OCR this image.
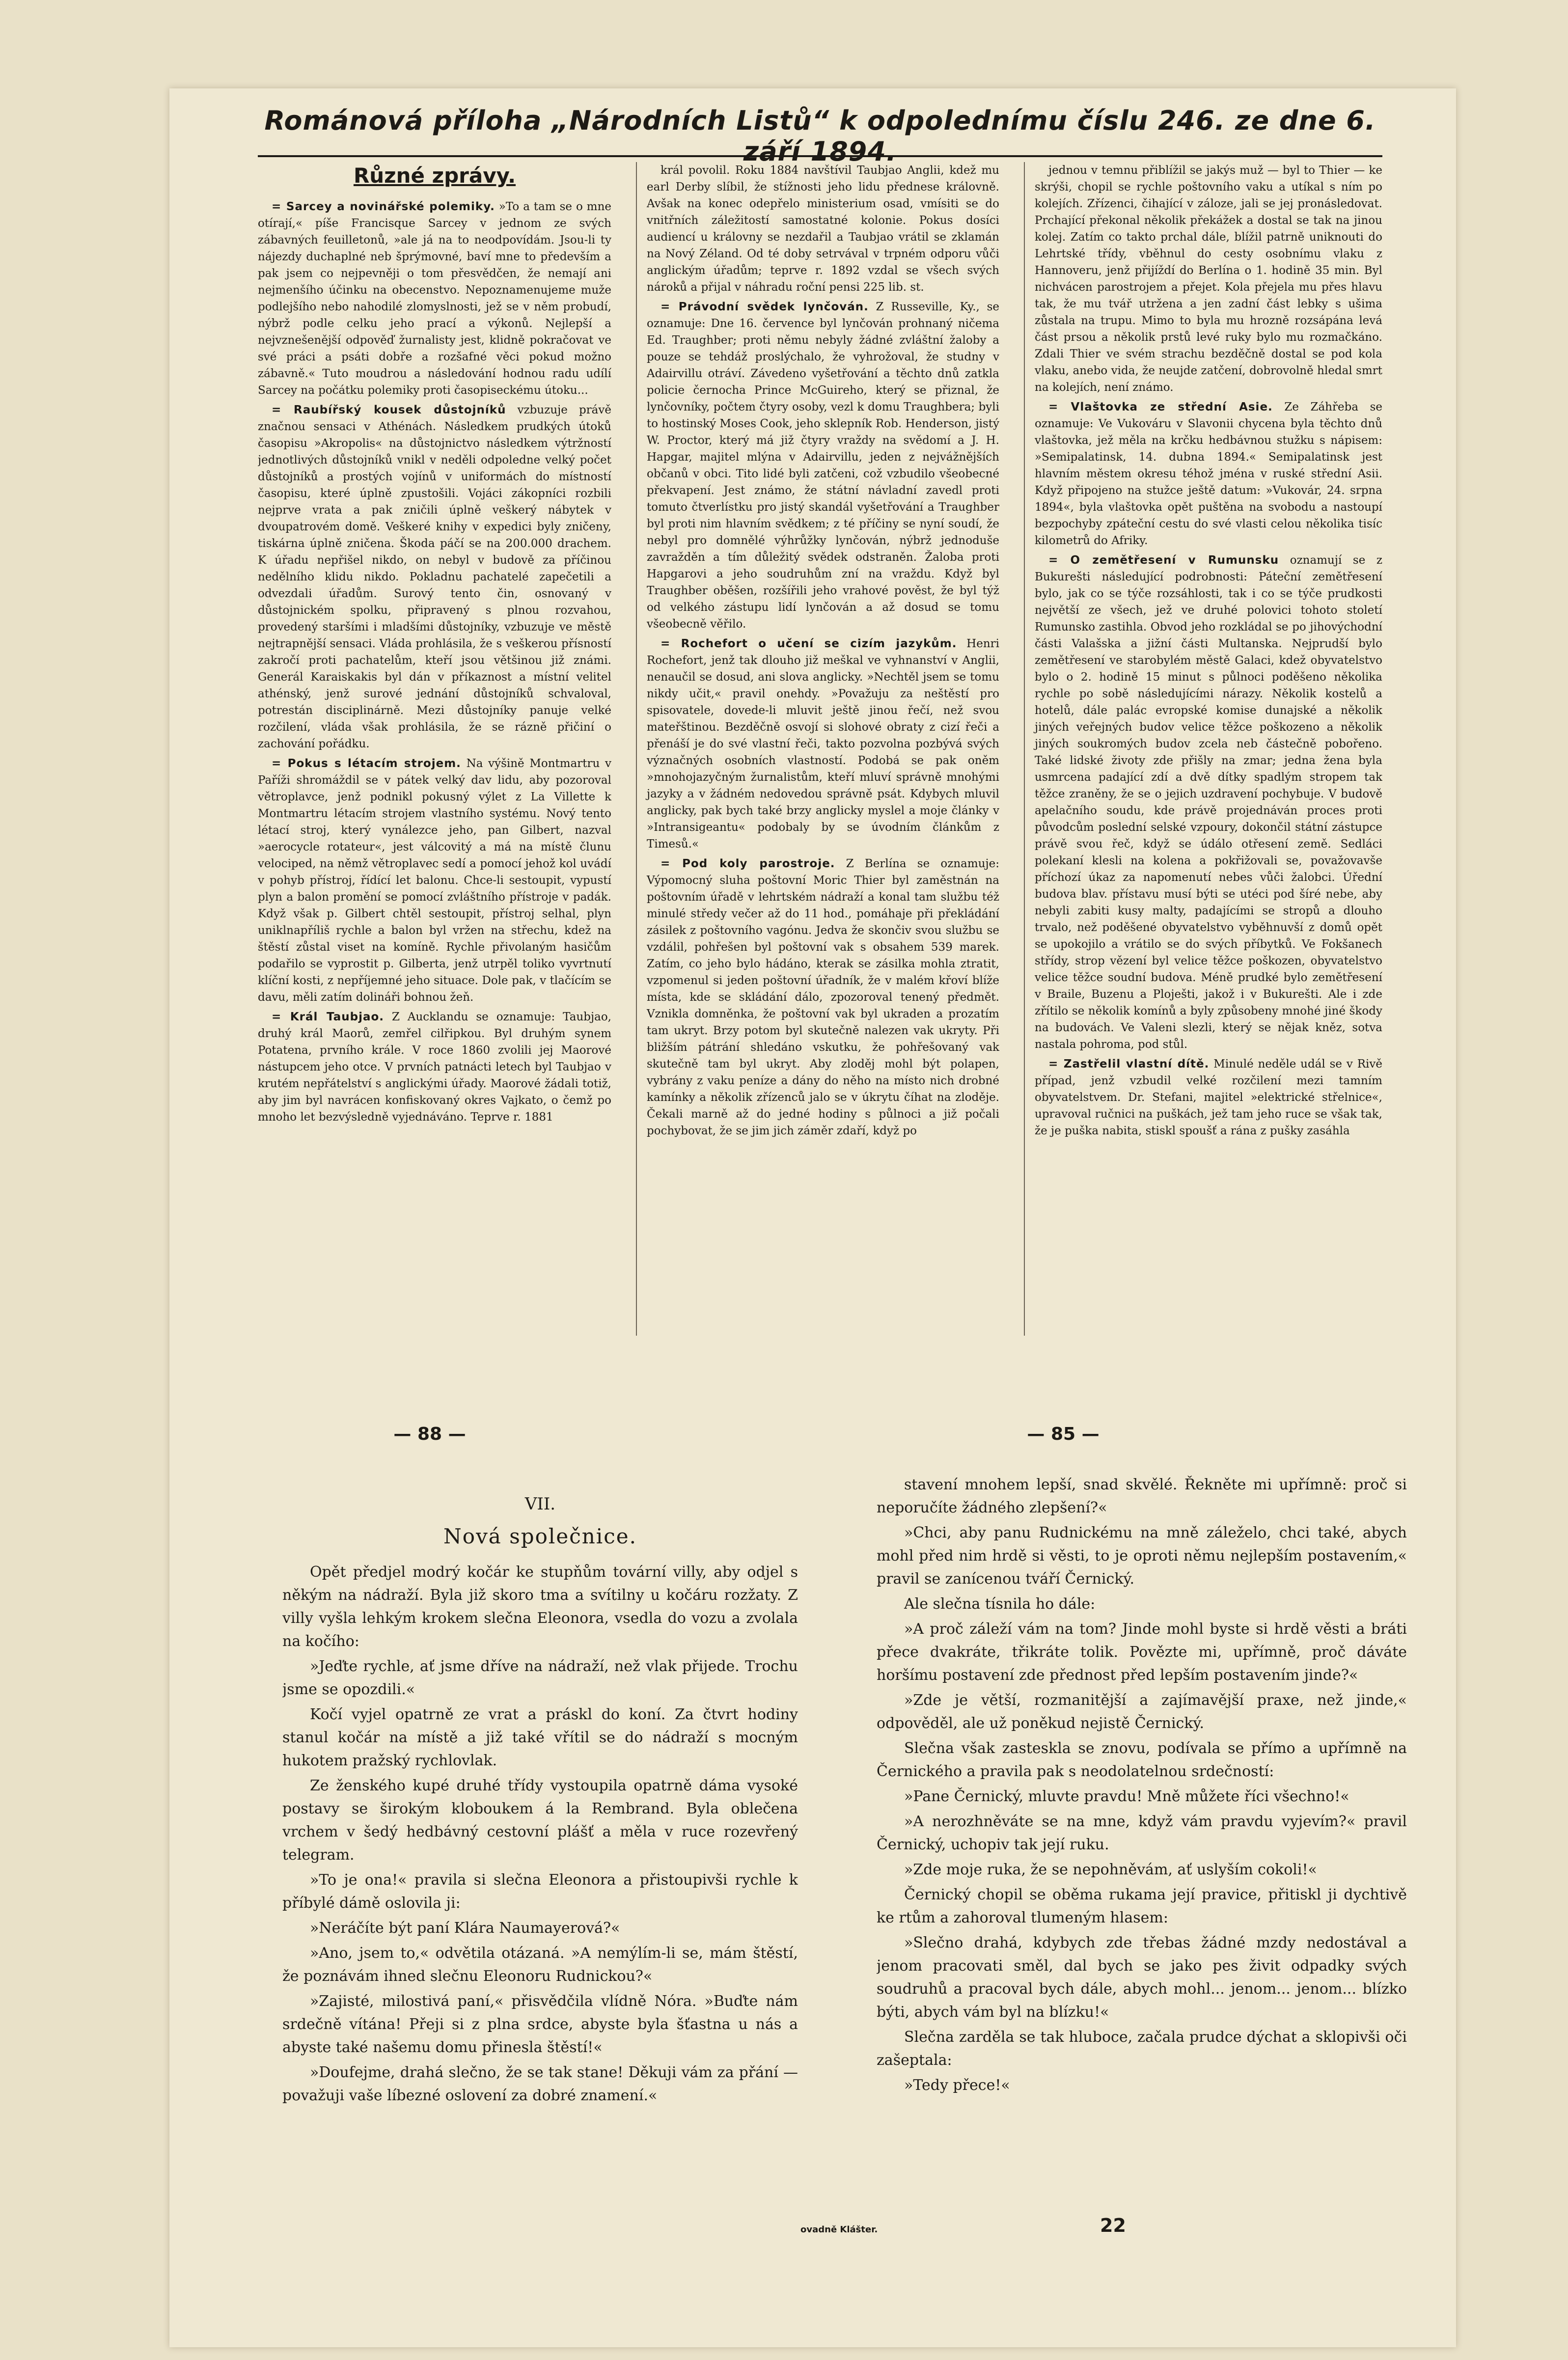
Románová příloha „Národních Listů“ k odpolednímu číslu 246. ze dne 6. září 1894.
Různé zprávy.

= Sarcey a novinářské polemiky. »To a tam se o mne otírají,« píše Francisque Sarcey v jednom ze svých zábavných feuilletonů, »ale já na to neodpovídám. Jsou-li ty nájezdy duchaplné neb šprýmovné, baví mne to především a pak jsem co nejpevněji o tom přesvědčen, že nemají ani nejmenšího účinku na obecenstvo. Nepoznamenujeme muže podlejšího nebo nahodilé zlomyslnosti, jež se v něm probudí, nýbrž podle celku jeho prací a výkonů. Nejlepší a nejvznešenější odpověď žurnalisty jest, klidně pokračovat ve své práci a psáti dobře a rozšafné věci pokud možno zábavně.« Tuto moudrou a následování hodnou radu udílí Sarcey na počátku polemiky proti časopiseckému útoku...

= Raubířský kousek důstojníků vzbuzuje právě značnou sensaci v Athénách. Následkem prudkých útoků časopisu »Akropolis« na důstojnictvo následkem výtržností jednotlivých důstojníků vnikl v neděli odpoledne velký počet důstojníků a prostých vojínů v uniformách do místností časopisu, které úplně zpustošili. Vojáci zákopníci rozbili nejprve vrata a pak zničili úplně veškerý nábytek v dvoupatrovém domě. Veškeré knihy v expedici byly zničeny, tiskárna úplně zničena. Škoda páčí se na 200.000 drachem. K úřadu nepřišel nikdo, on nebyl v budově za příčinou nedělního klidu nikdo. Pokladnu pachatelé zapečetili a odvezdali úřadům. Surový tento čin, osnovaný v důstojnickém spolku, připravený s plnou rozvahou, provedený staršími i mladšími důstojníky, vzbuzuje ve městě nejtrapnější sensaci. Vláda prohlásila, že s veškerou přísností zakročí proti pachatelům, kteří jsou většinou již známi. Generál Karaiskakis byl dán v příkaznost a místní velitel athénský, jenž surové jednání důstojníků schvaloval, potrestán disciplinárně. Mezi důstojníky panuje velké rozčilení, vláda však prohlásila, že se rázně přičiní o zachování pořádku.

= Pokus s létacím strojem. Na výšině Montmartru v Paříži shromáždil se v pátek velký dav lidu, aby pozoroval větroplavce, jenž podnikl pokusný výlet z La Villette k Montmartru létacím strojem vlastního systému. Nový tento létací stroj, který vynálezce jeho, pan Gilbert, nazval »aerocycle rotateur«, jest válcovitý a má na místě člunu velociped, na němž větroplavec sedí a pomocí jehož kol uvádí v pohyb přístroj, řídící let balonu. Chce-li sestoupit, vypustí plyn a balon promění se pomocí zvláštního přístroje v padák. Když však p. Gilbert chtěl sestoupit, přístroj selhal, plyn uniklnapříliš rychle a balon byl vržen na střechu, kdež na štěstí zůstal viset na komíně. Rychle přivolaným hasičům podařilo se vyprostit p. Gilberta, jenž utrpěl toliko vyvrtnutí klíční kosti, z nepříjemné jeho situace. Dole pak, v tlačícím se davu, měli zatím dolináři bohnou žeň.

= Král Taubjao. Z Aucklandu se oznamuje: Taubjao, druhý král Maorů, zemřel cilřipkou. Byl druhým synem Potatena, prvního krále. V roce 1860 zvolili jej Maorové nástupcem jeho otce. V prvních patnácti letech byl Taubjao v krutém nepřátelství s anglickými úřady. Maorové žádali totiž, aby jim byl navrácen konfiskovaný okres Vajkato, o čemž po mnoho let bezvýsledně vyjednáváno. Teprve r. 1881

král povolil. Roku 1884 navštívil Taubjao Anglii, kdež mu earl Derby slíbil, že stížnosti jeho lidu přednese královně. Avšak na konec odepřelo ministerium osad, vmísiti se do vnitřních záležitostí samostatné kolonie. Pokus dosíci audiencí u královny se nezdařil a Taubjao vrátil se zklamán na Nový Zéland. Od té doby setrvával v trpném odporu vůči anglickým úřadům; teprve r. 1892 vzdal se všech svých nároků a přijal v náhradu roční pensi 225 lib. st.

= Právodní svědek lynčován. Z Russeville, Ky., se oznamuje: Dne 16. července byl lynčován prohnaný ničema Ed. Traughber; proti němu nebyly žádné zvláštní žaloby a pouze se tehdáž proslýchalo, že vyhrožoval, že studny v Adairvillu otráví. Závedeno vyšetřování a těchto dnů zatkla policie černocha Prince McGuireho, který se přiznal, že lynčovníky, počtem čtyry osoby, vezl k domu Traughbera; byli to hostinský Moses Cook, jeho sklepník Rob. Henderson, jistý W. Proctor, který má již čtyry vraždy na svědomí a J. H. Hapgar, majitel mlýna v Adairvillu, jeden z nejvážnějších občanů v obci. Tito lidé byli zatčeni, což vzbudilo všeobecné překvapení. Jest známo, že státní návladní zavedl proti tomuto čtverlístku pro jistý skandál vyšetřování a Traughber byl proti nim hlavním svědkem; z té příčiny se nyní soudí, že nebyl pro domnělé výhrůžky lynčován, nýbrž jednoduše zavražděn a tím důležitý svědek odstraněn. Žaloba proti Hapgarovi a jeho soudruhům zní na vraždu. Když byl Traughber oběšen, rozšířili jeho vrahové pověst, že byl týž od velkého zástupu lidí lynčován a až dosud se tomu všeobecně věřilo.

= Rochefort o učení se cizím jazykům. Henri Rochefort, jenž tak dlouho již meškal ve vyhnanství v Anglii, nenaučil se dosud, ani slova anglicky. »Nechtěl jsem se tomu nikdy učit,« pravil onehdy. »Považuju za neštěstí pro spisovatele, dovede-li mluvit ještě jinou řečí, než svou mateřštinou. Bezděčně osvojí si slohové obraty z cizí řeči a přenáší je do své vlastní řeči, takto pozvolna pozbývá svých význačných osobních vlastností. Podobá se pak oněm »mnohojazyčným žurnalistům, kteří mluví správně mnohými jazyky a v žádném nedovedou správně psát. Kdybych mluvil anglicky, pak bych také brzy anglicky myslel a moje články v »Intransigeantu« podobaly by se úvodním článkům z Timesů.«

= Pod koly parostroje. Z Berlína se oznamuje: Výpomocný sluha poštovní Moric Thier byl zaměstnán na poštovním úřadě v lehrtském nádraží a konal tam službu též minulé středy večer až do 11 hod., pomáhaje při překládání zásilek z poštovního vagónu. Jedva že skončiv svou službu se vzdálil, pohřešen byl poštovní vak s obsahem 539 marek. Zatím, co jeho bylo hádáno, kterak se zásilka mohla ztratit, vzpomenul si jeden poštovní úřadník, že v malém křoví blíže místa, kde se skládání dálo, zpozoroval tenený předmět. Vznikla domněnka, že poštovní vak byl ukraden a prozatím tam ukryt. Brzy potom byl skutečně nalezen vak ukryty. Při bližším pátrání shledáno vskutku, že pohřešovaný vak skutečně tam byl ukryt. Aby zloděj mohl být polapen, vybrány z vaku peníze a dány do něho na místo nich drobné kamínky a několik zřízenců jalo se v úkrytu číhat na zloděje. Čekali marně až do jedné hodiny s půlnoci a již počali pochybovat, že se jim jich záměr zdaří, když po

jednou v temnu přiblížil se jakýs muž — byl to Thier — ke skrýši, chopil se rychle poštovního vaku a utíkal s ním po kolejích. Zřízenci, čihající v záloze, jali se jej pronásledovat. Prchající překonal několik překážek a dostal se tak na jinou kolej. Zatím co takto prchal dále, blížil patrně uniknouti do Lehrtské třídy, vběhnul do cesty osobnímu vlaku z Hannoveru, jenž přijíždí do Berlína o 1. hodině 35 min. Byl nichvácen parostrojem a přejet. Kola přejela mu přes hlavu tak, že mu tvář utržena a jen zadní část lebky s ušima zůstala na trupu. Mimo to byla mu hrozně rozsápána levá část prsou a několik prstů levé ruky bylo mu rozmačkáno. Zdali Thier ve svém strachu bezděčně dostal se pod kola vlaku, anebo vida, že neujde zatčení, dobrovolně hledal smrt na kolejích, není známo.

= Vlaštovka ze střední Asie. Ze Záhřeba se oznamuje: Ve Vukováru v Slavonii chycena byla těchto dnů vlaštovka, jež měla na krčku hedbávnou stužku s nápisem: »Semipalatinsk, 14. dubna 1894.« Semipalatinsk jest hlavním městem okresu téhož jména v ruské střední Asii. Když připojeno na stužce ještě datum: »Vukovár, 24. srpna 1894«, byla vlaštovka opět puštěna na svobodu a nastoupí bezpochyby zpáteční cestu do své vlasti celou několika tisíc kilometrů do Afriky.

= O zemětřesení v Rumunsku oznamují se z Bukurešti následující podrobnosti: Páteční zemětřesení bylo, jak co se týče rozsáhlosti, tak i co se týče prudkosti největší ze všech, jež ve druhé polovici tohoto století Rumunsko zastihla. Obvod jeho rozkládal se po jihovýchodní části Valašska a jižní části Multanska. Nejprudší bylo zemětřesení ve starobylém městě Galaci, kdež obyvatelstvo bylo o 2. hodině 15 minut s půlnoci poděšeno několika rychle po sobě následujícími nárazy. Několik kostelů a hotelů, dále palác evropské komise dunajské a několik jiných veřejných budov velice těžce poškozeno a několik jiných soukromých budov zcela neb částečně pobořeno. Také lidské životy zde přišly na zmar; jedna žena byla usmrcena padající zdí a dvě dítky spadlým stropem tak těžce zraněny, že se o jejich uzdravení pochybuje. V budově apelačního soudu, kde právě projednáván proces proti původcům poslední selské vzpoury, dokončil státní zástupce právě svou řeč, když se údálo otřesení země. Sedláci polekaní klesli na kolena a pokřižovali se, považovavše příchozí úkaz za napomenutí nebes vůči žalobci. Úřední budova blav. přístavu musí býti se utéci pod šíré nebe, aby nebyli zabiti kusy malty, padajícími se stropů a dlouho trvalo, než poděšené obyvatelstvo vyběhnuvší z domů opět se upokojilo a vrátilo se do svých příbytků. Ve Fokšanech střídy, strop vězení byl velice těžce poškozen, obyvatelstvo velice těžce soudní budova. Méně prudké bylo zemětřesení v Braile, Buzenu a Ploješti, jakož i v Bukurešti. Ale i zde zřítilo se několik komínů a byly způsobeny mnohé jiné škody na budovách. Ve Valeni slezli, který se nějak kněz, sotva nastala pohroma, pod stůl.

= Zastřelil vlastní dítě. Minulé neděle udál se v Rivě případ, jenž vzbudil velké rozčilení mezi tamním obyvatelstvem. Dr. Stefani, majitel »elektrické střelnice«, upravoval ručnici na puškách, jež tam jeho ruce se však tak, že je puška nabita, stiskl spoušť a rána z pušky zasáhla

— 88 —	— 85 —
VII.
Nová společnice.

Opět předjel modrý kočár ke stupňům tovární villy, aby odjel s někým na nádraží. Byla již skoro tma a svítilny u kočáru rozžaty. Z villy vyšla lehkým krokem slečna Eleonora, vsedla do vozu a zvolala na kočího:

»Jeďte rychle, ať jsme dříve na nádraží, než vlak přijede. Trochu jsme se opozdili.«

Kočí vyjel opatrně ze vrat a práskl do koní. Za čtvrt hodiny stanul kočár na místě a již také vřítil se do nádraží s mocným hukotem pražský rychlovlak.

Ze ženského kupé druhé třídy vystoupila opatrně dáma vysoké postavy se širokým kloboukem á la Rembrand. Byla oblečena vrchem v šedý hedbávný cestovní plášť a měla v ruce rozevřený telegram.

»To je ona!« pravila si slečna Eleonora a přistoupivši rychle k příbylé dámě oslovila ji:

»Neráčíte být paní Klára Naumayerová?«

»Ano, jsem to,« odvětila otázaná. »A nemýlím-li se, mám štěstí, že poznávám ihned slečnu Eleonoru Rudnickou?«

»Zajisté, milostivá paní,« přisvědčila vlídně Nóra. »Buďte nám srdečně vítána! Přeji si z plna srdce, abyste byla šťastna u nás a abyste také našemu domu přinesla štěstí!«

»Doufejme, drahá slečno, že se tak stane! Děkuji vám za přání — považuji vaše líbezné oslovení za dobré znamení.«

stavení mnohem lepší, snad skvělé. Řekněte mi upřímně: proč si neporučíte žádného zlepšení?«

»Chci, aby panu Rudnickému na mně záleželo, chci také, abych mohl před nim hrdě si věsti, to je oproti němu nejlepším postavením,« pravil se zanícenou tváří Černický.

Ale slečna tísnila ho dále:

»A proč záleží vám na tom? Jinde mohl byste si hrdě věsti a bráti přece dvakráte, třikráte tolik. Povězte mi, upřímně, proč dáváte horšímu postavení zde přednost před lepším postavením jinde?«

»Zde je větší, rozmanitější a zajímavější praxe, než jinde,« odpověděl, ale už poněkud nejistě Černický.

Slečna však zastesklа se znovu, podívala se přímo a upřímně na Černického a pravila pak s neodolatelnou srdečností:

»Pane Černický, mluvte pravdu! Mně můžete říci všechno!«

»A nerozhněváte se na mne, když vám pravdu vyjevím?« pravil Černický, uchopiv tak její ruku.

»Zde moje ruka, že se nepohněvám, ať uslyším cokoli!«

Černický chopil se oběma rukama její pravice, přitiskl ji dychtivě ke rtům a zahoroval tlumeným hlasem:

»Slečno drahá, kdybych zde třebas žádné mzdy nedostával a jenom pracovati směl, dal bych se jako pes živit odpadky svých soudruhů a pracoval bych dále, abych mohl... jenom... jenom... blízko býti, abych vám byl na blízku!«

Slečna zarděla se tak hluboce, začala prudce dýchat a sklopivši oči zašeptala:

»Tedy přece!«

ovadně Klášter.	22
